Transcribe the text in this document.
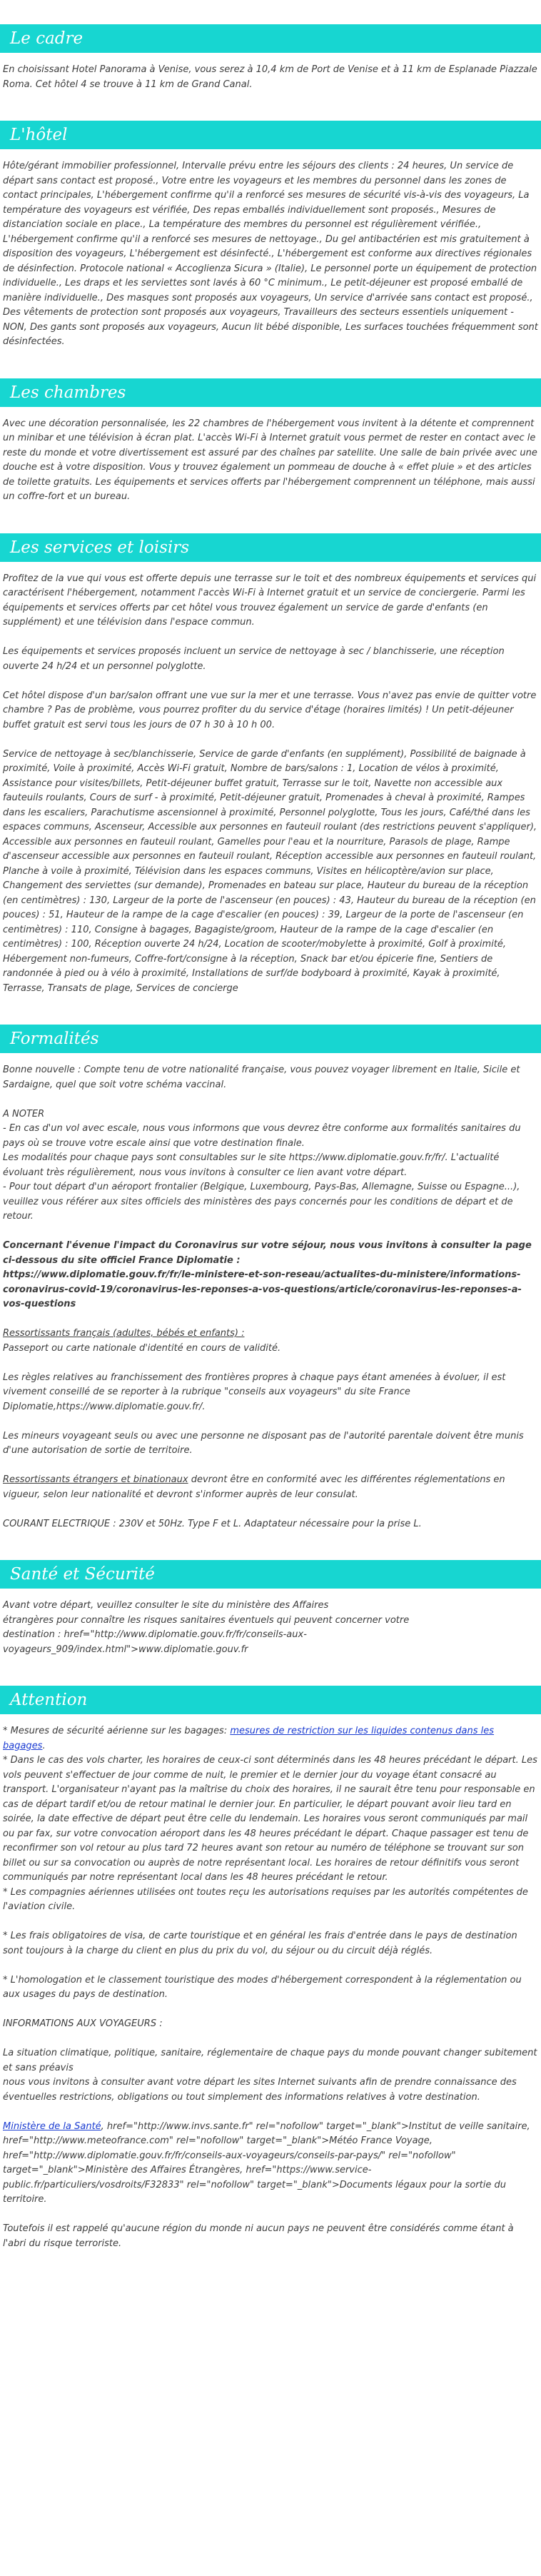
Le cadre

En choisissant Hotel Panorama à Venise, vous serez à 10,4 km de Port de Venise et à 11 km de Esplanade Piazzale Roma. Cet hôtel 4 se trouve à 11 km de Grand Canal.

L'hôtel

Hôte/gérant immobilier professionnel, Intervalle prévu entre les séjours des clients : 24 heures, Un service de départ sans contact est proposé., Votre entre les voyageurs et les membres du personnel dans les zones de contact principales, L'hébergement confirme qu'il a renforcé ses mesures de sécurité vis-à-vis des voyageurs, La température des voyageurs est vérifiée, Des repas emballés individuellement sont proposés., Mesures de distanciation sociale en place., La température des membres du personnel est régulièrement vérifiée., L'hébergement confirme qu'il a renforcé ses mesures de nettoyage., Du gel antibactérien est mis gratuitement à disposition des voyageurs, L'hébergement est désinfecté., L'hébergement est conforme aux directives régionales de désinfection. Protocole national « Accoglienza Sicura » (Italie), Le personnel porte un équipement de protection individuelle., Les draps et les serviettes sont lavés à 60 °C minimum., Le petit-déjeuner est proposé emballé de manière individuelle., Des masques sont proposés aux voyageurs, Un service d'arrivée sans contact est proposé., Des vêtements de protection sont proposés aux voyageurs, Travailleurs des secteurs essentiels uniquement - NON, Des gants sont proposés aux voyageurs, Aucun lit bébé disponible, Les surfaces touchées fréquemment sont désinfectées.

Les chambres

Avec une décoration personnalisée, les 22 chambres de l'hébergement vous invitent à la détente et comprennent un minibar et une télévision à écran plat. L'accès Wi-Fi à Internet gratuit vous permet de rester en contact avec le reste du monde et votre divertissement est assuré par des chaînes par satellite. Une salle de bain privée avec une douche est à votre disposition. Vous y trouvez également un pommeau de douche à « effet pluie » et des articles de toilette gratuits. Les équipements et services offerts par l'hébergement comprennent un téléphone, mais aussi un coffre-fort et un bureau.

Les services et loisirs

Profitez de la vue qui vous est offerte depuis une terrasse sur le toit et des nombreux équipements et services qui caractérisent l'hébergement, notamment l'accès Wi-Fi à Internet gratuit et un service de conciergerie. Parmi les équipements et services offerts par cet hôtel vous trouvez également un service de garde d'enfants (en supplément) et une télévision dans l'espace commun.

Les équipements et services proposés incluent un service de nettoyage à sec / blanchisserie, une réception ouverte 24 h/24 et un personnel polyglotte.

Cet hôtel dispose d'un bar/salon offrant une vue sur la mer et une terrasse. Vous n'avez pas envie de quitter votre chambre ? Pas de problème, vous pourrez profiter du du service d'étage (horaires limités) ! Un petit-déjeuner buffet gratuit est servi tous les jours de 07 h 30 à 10 h 00.

Service de nettoyage à sec/blanchisserie, Service de garde d'enfants (en supplément), Possibilité de baignade à proximité, Voile à proximité, Accès Wi-Fi gratuit, Nombre de bars/salons : 1, Location de vélos à proximité, Assistance pour visites/billets, Petit-déjeuner buffet gratuit, Terrasse sur le toit, Navette non accessible aux fauteuils roulants, Cours de surf - à proximité, Petit-déjeuner gratuit, Promenades à cheval à proximité, Rampes dans les escaliers, Parachutisme ascensionnel à proximité, Personnel polyglotte, Tous les jours, Café/thé dans les espaces communs, Ascenseur, Accessible aux personnes en fauteuil roulant (des restrictions peuvent s'appliquer), Accessible aux personnes en fauteuil roulant, Gamelles pour l'eau et la nourriture, Parasols de plage, Rampe d'ascenseur accessible aux personnes en fauteuil roulant, Réception accessible aux personnes en fauteuil roulant, Planche à voile à proximité, Télévision dans les espaces communs, Visites en hélicoptère/avion sur place, Changement des serviettes (sur demande), Promenades en bateau sur place, Hauteur du bureau de la réception (en centimètres) : 130, Largeur de la porte de l'ascenseur (en pouces) : 43, Hauteur du bureau de la réception (en pouces) : 51, Hauteur de la rampe de la cage d'escalier (en pouces) : 39, Largeur de la porte de l'ascenseur (en centimètres) : 110, Consigne à bagages, Bagagiste/groom, Hauteur de la rampe de la cage d'escalier (en centimètres) : 100, Réception ouverte 24 h/24, Location de scooter/mobylette à proximité, Golf à proximité, Hébergement non-fumeurs, Coffre-fort/consigne à la réception, Snack bar et/ou épicerie fine, Sentiers de randonnée à pied ou à vélo à proximité, Installations de surf/de bodyboard à proximité, Kayak à proximité, Terrasse, Transats de plage, Services de concierge

Formalités

Bonne nouvelle : Compte tenu de votre nationalité française, vous pouvez voyager librement en Italie, Sicile et Sardaigne, quel que soit votre schéma vaccinal.

A NOTER
- En cas d'un vol avec escale, nous vous informons que vous devrez être conforme aux formalités sanitaires du pays où se trouve votre escale ainsi que votre destination finale.
Les modalités pour chaque pays sont consultables sur le site https://www.diplomatie.gouv.fr/fr/. L'actualité évoluant très régulièrement, nous vous invitons à consulter ce lien avant votre départ.
- Pour tout départ d'un aéroport frontalier (Belgique, Luxembourg, Pays-Bas, Allemagne, Suisse ou Espagne...), veuillez vous référer aux sites officiels des ministères des pays concernés pour les conditions de départ et de retour.

Concernant l'évenue l'impact du Coronavirus sur votre séjour, nous vous invitons à consulter la page ci-dessous du site officiel France Diplomatie :
https://www.diplomatie.gouv.fr/fr/le-ministere-et-son-reseau/actualites-du-ministere/informations-coronavirus-covid-19/coronavirus-les-reponses-a-vos-questions/article/coronavirus-les-reponses-a-vos-questions

Ressortissants français (adultes, bébés et enfants) :
Passeport ou carte nationale d'identité en cours de validité.

Les règles relatives au franchissement des frontières propres à chaque pays étant amenées à évoluer, il est vivement conseillé de se reporter à la rubrique "conseils aux voyageurs" du site France Diplomatie,https://www.diplomatie.gouv.fr/.

Les mineurs voyageant seuls ou avec une personne ne disposant pas de l'autorité parentale doivent être munis d'une autorisation de sortie de territoire.

Ressortissants étrangers et binationaux devront être en conformité avec les différentes réglementations en vigueur, selon leur nationalité et devront s'informer auprès de leur consulat.

COURANT ELECTRIQUE : 230V et 50Hz. Type F et L. Adaptateur nécessaire pour la prise L.

Santé et Sécurité

Avant votre départ, veuillez consulter le site du ministère des Affaires
étrangères pour connaître les risques sanitaires éventuels qui peuvent concerner votre
destination : href="http://www.diplomatie.gouv.fr/fr/conseils-aux-voyageurs_909/index.html">www.diplomatie.gouv.fr

Attention

* Mesures de sécurité aérienne sur les bagages: mesures de restriction sur les liquides contenus dans les bagages.
* Dans le cas des vols charter, les horaires de ceux-ci sont déterminés dans les 48 heures précédant le départ. Les vols peuvent s'effectuer de jour comme de nuit, le premier et le dernier jour du voyage étant consacré au transport. L'organisateur n'ayant pas la maîtrise du choix des horaires, il ne saurait être tenu pour responsable en cas de départ tardif et/ou de retour matinal le dernier jour. En particulier, le départ pouvant avoir lieu tard en soirée, la date effective de départ peut être celle du lendemain. Les horaires vous seront communiqués par mail ou par fax, sur votre convocation aéroport dans les 48 heures précédant le départ. Chaque passager est tenu de reconfirmer son vol retour au plus tard 72 heures avant son retour au numéro de téléphone se trouvant sur son billet ou sur sa convocation ou auprès de notre représentant local. Les horaires de retour définitifs vous seront communiqués par notre représentant local dans les 48 heures précédant le retour.
* Les compagnies aériennes utilisées ont toutes reçu les autorisations requises par les autorités compétentes de l'aviation civile.

* Les frais obligatoires de visa, de carte touristique et en général les frais d'entrée dans le pays de destination sont toujours à la charge du client en plus du prix du vol, du séjour ou du circuit déjà réglés.

* L'homologation et le classement touristique des modes d'hébergement correspondent à la réglementation ou aux usages du pays de destination.

INFORMATIONS AUX VOYAGEURS :

La situation climatique, politique, sanitaire, réglementaire de chaque pays du monde pouvant changer subitement et sans préavis
nous vous invitons à consulter avant votre départ les sites Internet suivants afin de prendre connaissance des éventuelles restrictions, obligations ou tout simplement des informations relatives à votre destination.

Ministère de la Santé, href="http://www.invs.sante.fr" rel="nofollow" target="_blank">Institut de veille sanitaire, href="http://www.meteofrance.com" rel="nofollow" target="_blank">Météo France Voyage, href="http://www.diplomatie.gouv.fr/fr/conseils-aux-voyageurs/conseils-par-pays/" rel="nofollow" target="_blank">Ministère des Affaires Étrangères, href="https://www.service-public.fr/particuliers/vosdroits/F32833" rel="nofollow" target="_blank">Documents légaux pour la sortie du territoire.

Toutefois il est rappelé qu'aucune région du monde ni aucun pays ne peuvent être considérés comme étant à l'abri du risque terroriste.
